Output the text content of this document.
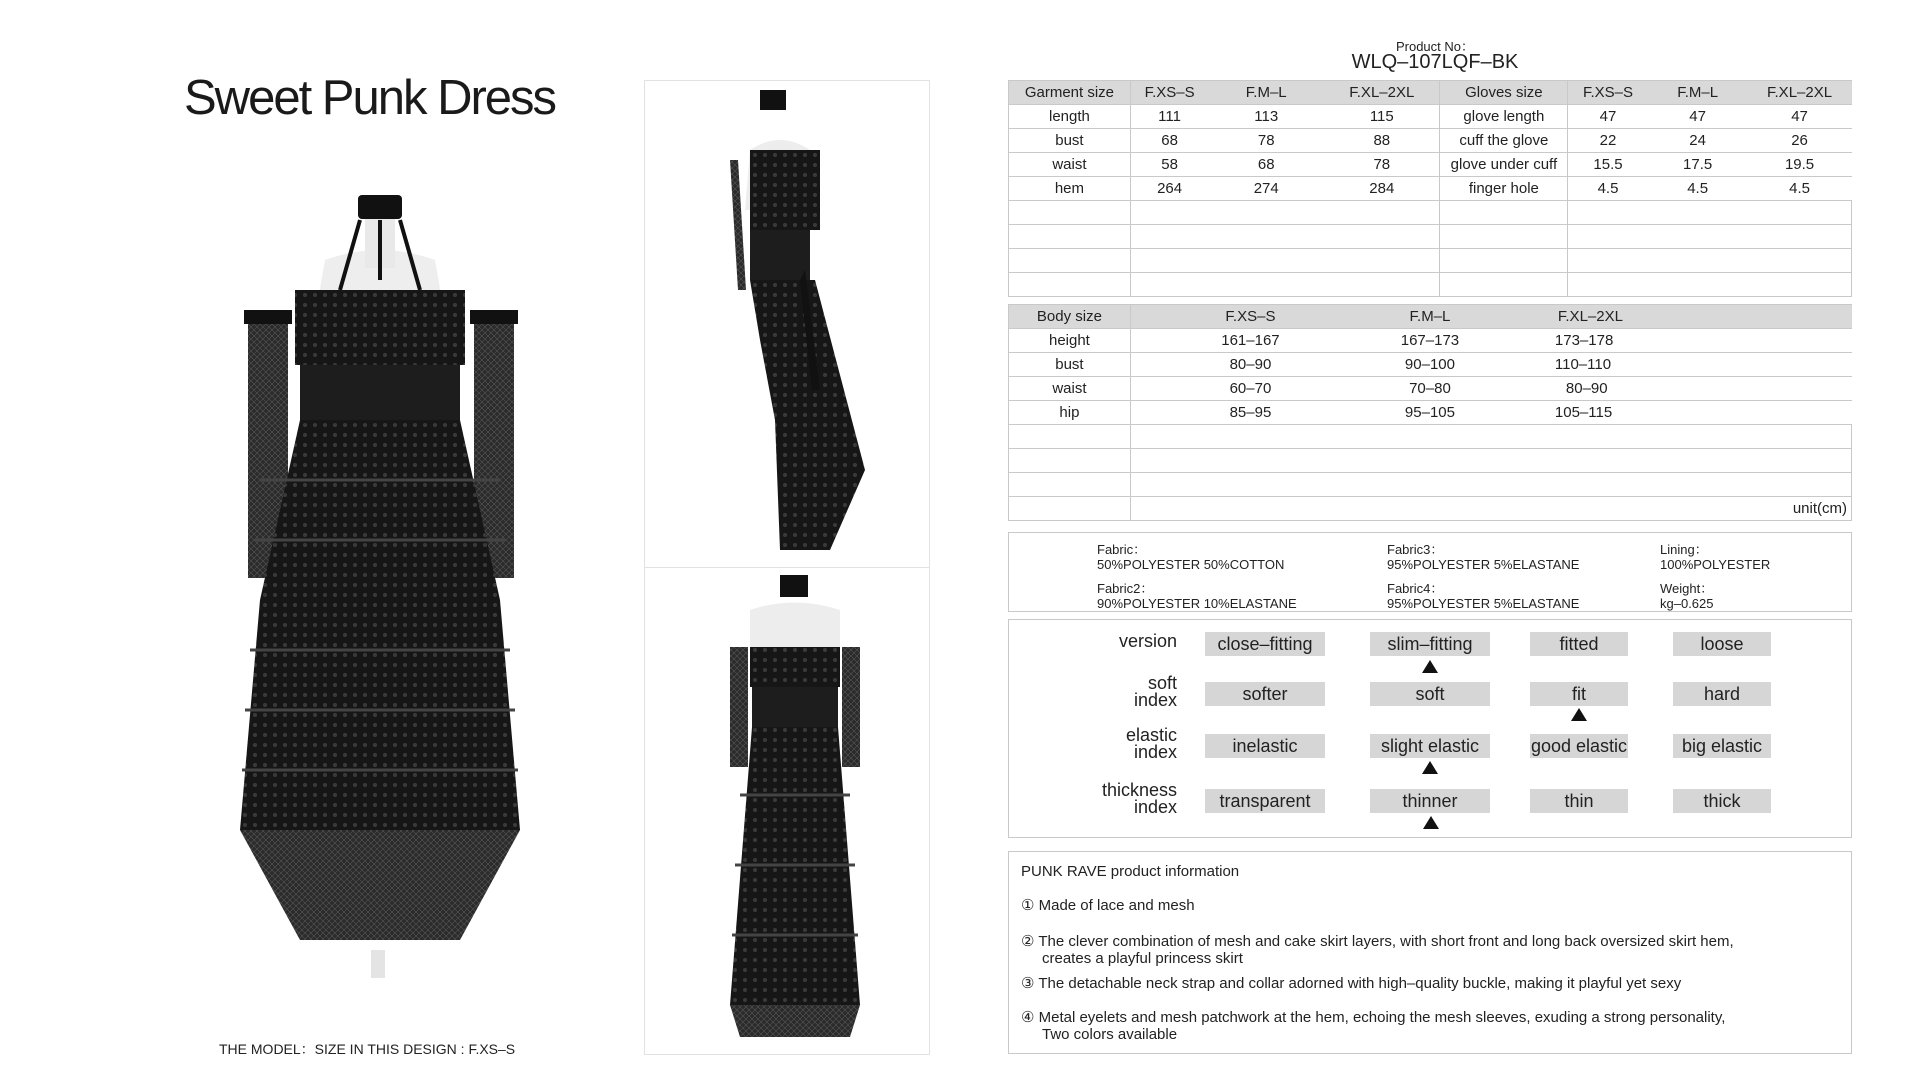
Sweet Punk Dress
THE MODEL：SIZE IN THIS DESIGN : F.XS–S
Product No：
WLQ–107LQF–BK
Garment size	F.XS–S	F.M–L	F.XL–2XL	Gloves size	F.XS–S	F.M–L	F.XL–2XL
length	111	113	115	glove length	47	47	47
bust	68	78	88	cuff the glove	22	24	26
waist	58	68	78	glove under cuff	15.5	17.5	19.5
hem	264	274	284	finger hole	4.5	4.5	4.5

Body size	F.XS–S	F.M–L	F.XL–2XL
height	161–167	167–173	173–178
bust	80–90	90–100	110–110
waist	60–70	70–80	80–90
hip	85–95	95–105	105–115

	unit(cm)		
Fabric：
50%POLYESTER 50%COTTON
Fabric2：
90%POLYESTER 10%ELASTANE
Fabric3：
95%POLYESTER 5%ELASTANE
Fabric4：
95%POLYESTER 5%ELASTANE
Lining：
100%POLYESTER
Weight：
kg–0.625
version	close–fitting	slim–fitting	fitted	loose
soft
index	softer	soft	fit	hard
elastic
index	inelastic	slight elastic	good elastic	big elastic
thickness
index	transparent	thinner	thin	thick
PUNK RAVE product information
① Made of lace and mesh
② The clever combination of mesh and cake skirt layers, with short front and long back oversized skirt hem,
creates a playful princess skirt
③ The detachable neck strap and collar adorned with high–quality buckle, making it playful yet sexy
④ Metal eyelets and mesh patchwork at the hem, echoing the mesh sleeves, exuding a strong personality,
Two colors available
